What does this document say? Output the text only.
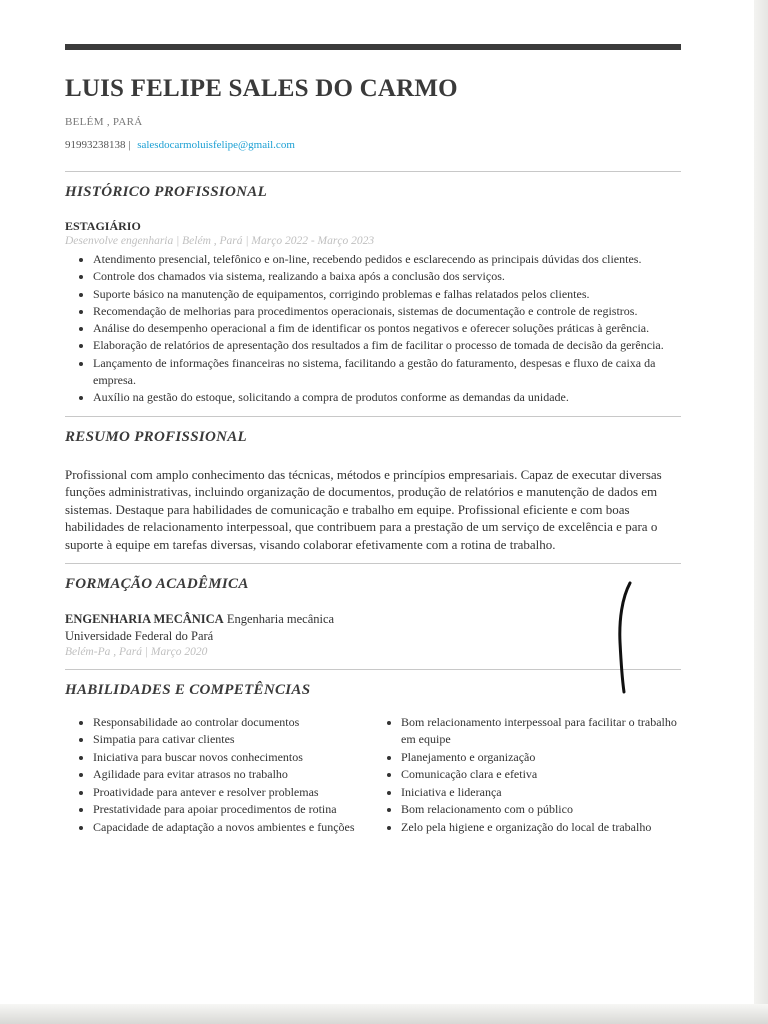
LUIS FELIPE SALES DO CARMO
BELÉM , PARÁ
91993238138 | salesdocarmoluisfelipe@gmail.com
HISTÓRICO PROFISSIONAL
ESTAGIÁRIO
Desenvolve engenharia | Belém , Pará | Março 2022 - Março 2023
• Atendimento presencial, telefônico e on-line, recebendo pedidos e esclarecendo as principais dúvidas dos clientes.
• Controle dos chamados via sistema, realizando a baixa após a conclusão dos serviços.
• Suporte básico na manutenção de equipamentos, corrigindo problemas e falhas relatados pelos clientes.
• Recomendação de melhorias para procedimentos operacionais, sistemas de documentação e controle de registros.
• Análise do desempenho operacional a fim de identificar os pontos negativos e oferecer soluções práticas à gerência.
• Elaboração de relatórios de apresentação dos resultados a fim de facilitar o processo de tomada de decisão da gerência.
• Lançamento de informações financeiras no sistema, facilitando a gestão do faturamento, despesas e fluxo de caixa da empresa.
• Auxílio na gestão do estoque, solicitando a compra de produtos conforme as demandas da unidade.
RESUMO PROFISSIONAL
Profissional com amplo conhecimento das técnicas, métodos e princípios empresariais. Capaz de executar diversas funções administrativas, incluindo organização de documentos, produção de relatórios e manutenção de dados em sistemas. Destaque para habilidades de comunicação e trabalho em equipe. Profissional eficiente e com boas habilidades de relacionamento interpessoal, que contribuem para a prestação de um serviço de excelência e para o suporte à equipe em tarefas diversas, visando colaborar efetivamente com a rotina de trabalho.
FORMAÇÃO ACADÊMICA
ENGENHARIA MECÂNICA Engenharia mecânica
Universidade Federal do Pará
Belém-Pa , Pará | Março 2020
HABILIDADES E COMPETÊNCIAS
• Responsabilidade ao controlar documentos
• Simpatia para cativar clientes
• Iniciativa para buscar novos conhecimentos
• Agilidade para evitar atrasos no trabalho
• Proatividade para antever e resolver problemas
• Prestatividade para apoiar procedimentos de rotina
• Capacidade de adaptação a novos ambientes e funções
• Bom relacionamento interpessoal para facilitar o trabalho em equipe
• Planejamento e organização
• Comunicação clara e efetiva
• Iniciativa e liderança
• Bom relacionamento com o público
• Zelo pela higiene e organização do local de trabalho
